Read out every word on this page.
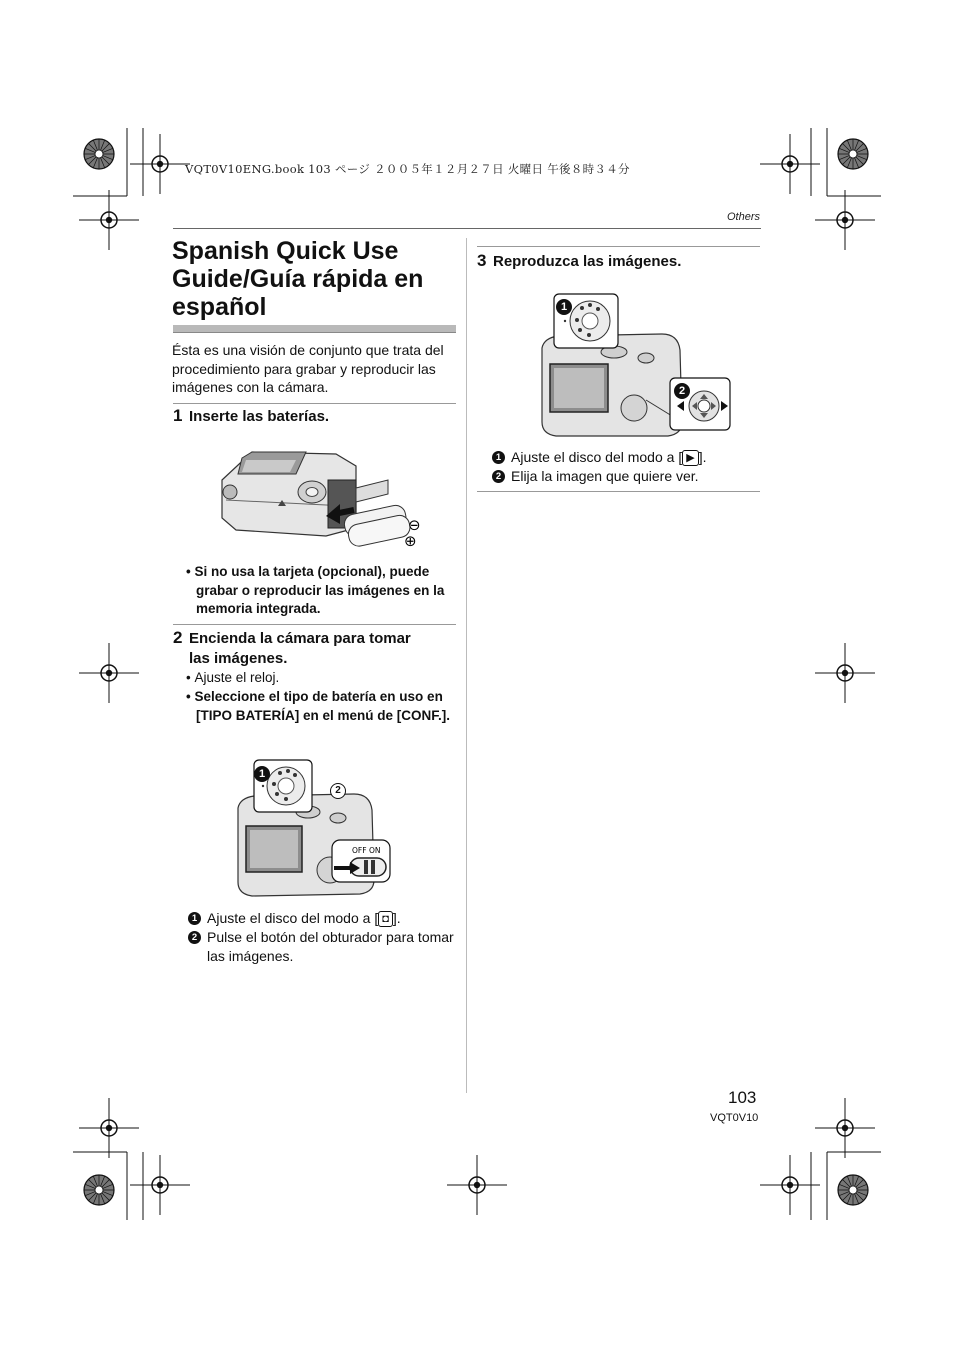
VQT0V10ENG.book 103 ページ ２００５年１２月２７日 火曜日 午後８時３４分
Others
Spanish Quick Use Guide/Guía rápida en español
Ésta es una visión de conjunto que trata del procedimiento para grabar y reproducir las imágenes con la cámara.
1 Inserte las baterías.
⊖
⊕
• Si no usa la tarjeta (opcional), puede grabar o reproducir las imágenes en la memoria integrada.
2 Encienda la cámara para tomar
las imágenes.
• Ajuste el reloj.
• Seleccione el tipo de batería en uso en [TIPO BATERÍA] en el menú de [CONF.].
OFF ON
1
2
1 Ajuste el disco del modo a [ ◘ ].
2 Pulse el botón del obturador para tomar las imágenes.
3 Reproduzca las imágenes.
1
2
1 Ajuste el disco del modo a [ ▶ ].
2 Elija la imagen que quiere ver.
103
VQT0V10
